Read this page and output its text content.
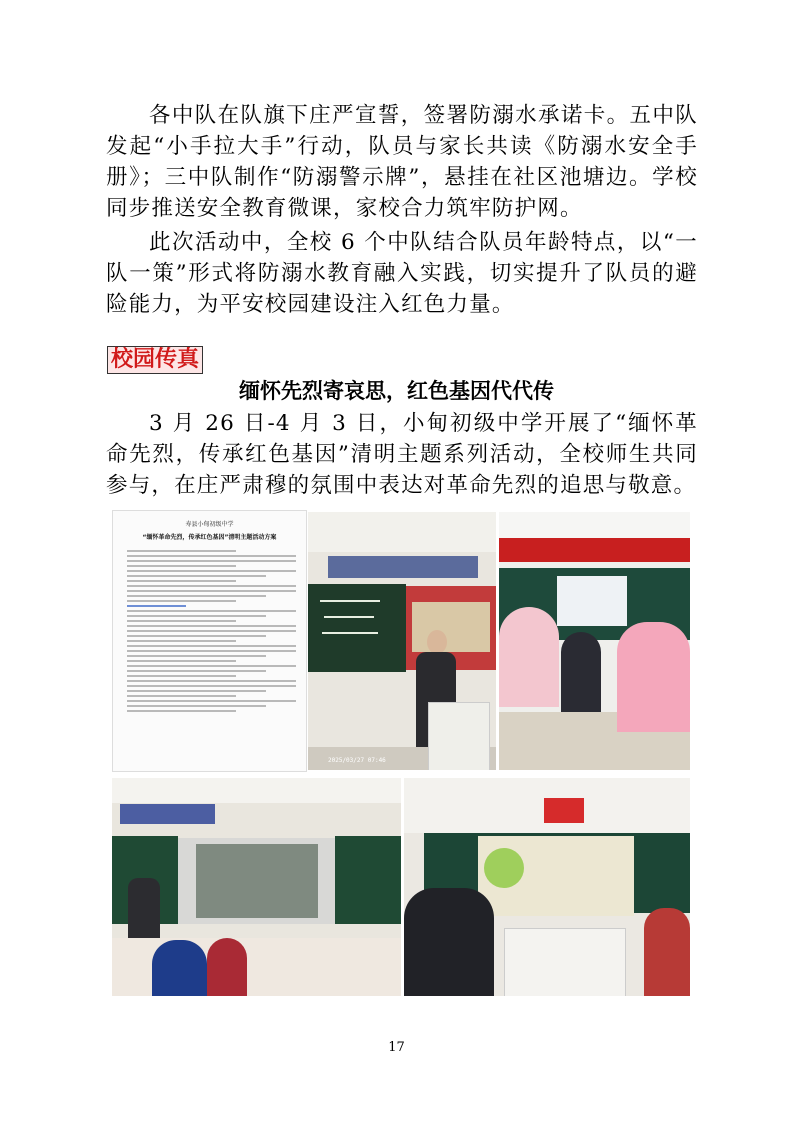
各中队在队旗下庄严宣誓，签署防溺水承诺卡。五中队发起“小手拉大手”行动，队员与家长共读《防溺水安全手册》；三中队制作“防溺警示牌”，悬挂在社区池塘边。学校同步推送安全教育微课，家校合力筑牢防护网。

此次活动中，全校 6 个中队结合队员年龄特点，以“一队一策”形式将防溺水教育融入实践，切实提升了队员的避险能力，为平安校园建设注入红色力量。

校园传真
缅怀先烈寄哀思，红色基因代代传

3 月 26 日-4 月 3 日，小甸初级中学开展了“缅怀革命先烈，传承红色基因”清明主题系列活动，全校师生共同参与，在庄严肃穆的氛围中表达对革命先烈的追思与敬意。

寿县小甸初级中学
“缅怀革命先烈，传承红色基因”清明主题活动方案
2025/03/27 07:46
17
